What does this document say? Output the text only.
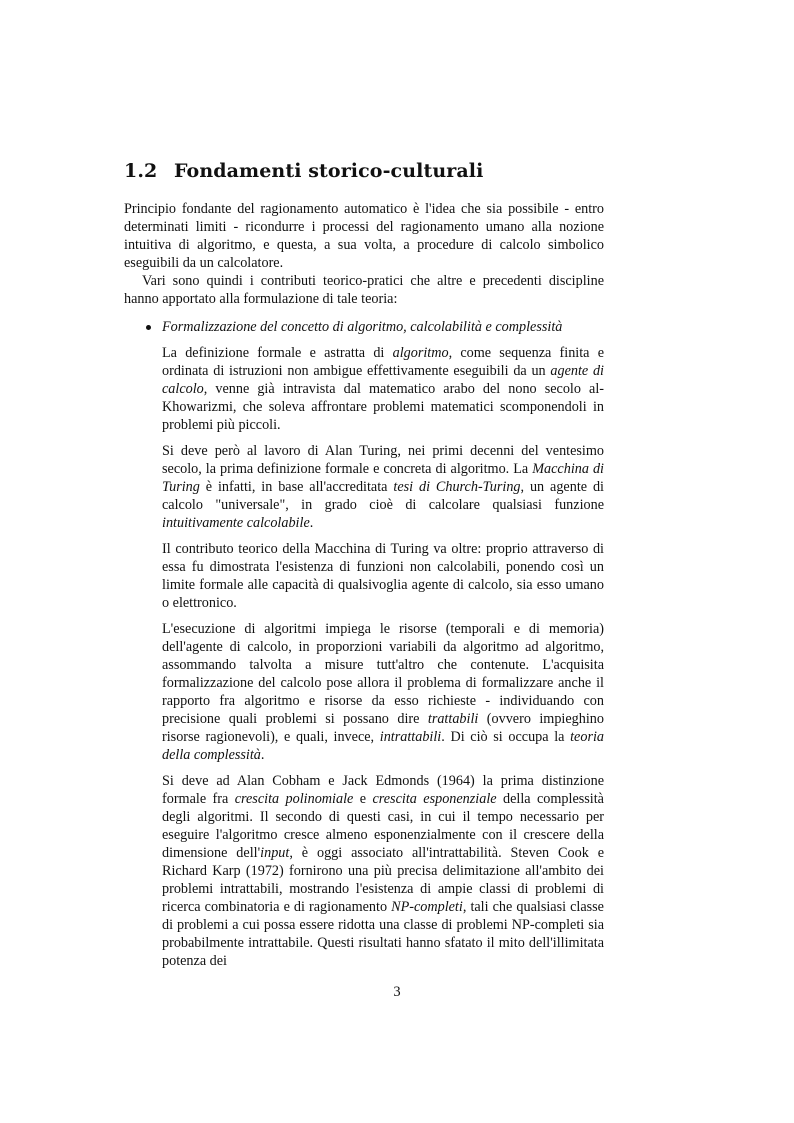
1.2 Fondamenti storico-culturali

Principio fondante del ragionamento automatico è l'idea che sia possibile - entro determinati limiti - ricondurre i processi del ragionamento umano alla nozione intuitiva di algoritmo, e questa, a sua volta, a procedure di calcolo simbolico eseguibili da un calcolatore.

Vari sono quindi i contributi teorico-pratici che altre e precedenti discipline hanno apportato alla formulazione di tale teoria:

Formalizzazione del concetto di algoritmo, calcolabilità e complessità

La definizione formale e astratta di algoritmo, come sequenza finita e ordinata di istruzioni non ambigue effettivamente eseguibili da un agente di calcolo, venne già intravista dal matematico arabo del nono secolo al-Khowarizmi, che soleva affrontare problemi matematici scomponendoli in problemi più piccoli.

Si deve però al lavoro di Alan Turing, nei primi decenni del ventesimo secolo, la prima definizione formale e concreta di algoritmo. La Macchina di Turing è infatti, in base all'accreditata tesi di Church-Turing, un agente di calcolo "universale", in grado cioè di calcolare qualsiasi funzione intuitivamente calcolabile.

Il contributo teorico della Macchina di Turing va oltre: proprio attraverso di essa fu dimostrata l'esistenza di funzioni non calcolabili, ponendo così un limite formale alle capacità di qualsivoglia agente di calcolo, sia esso umano o elettronico.

L'esecuzione di algoritmi impiega le risorse (temporali e di memoria) dell'agente di calcolo, in proporzioni variabili da algoritmo ad algoritmo, assommando talvolta a misure tutt'altro che contenute. L'acquisita formalizzazione del calcolo pose allora il problema di formalizzare anche il rapporto fra algoritmo e risorse da esso richieste - individuando con precisione quali problemi si possano dire trattabili (ovvero impieghino risorse ragionevoli), e quali, invece, intrattabili. Di ciò si occupa la teoria della complessità.

Si deve ad Alan Cobham e Jack Edmonds (1964) la prima distinzione formale fra crescita polinomiale e crescita esponenziale della complessità degli algoritmi. Il secondo di questi casi, in cui il tempo necessario per eseguire l'algoritmo cresce almeno esponenzialmente con il crescere della dimensione dell'input, è oggi associato all'intrattabilità. Steven Cook e Richard Karp (1972) fornirono una più precisa delimitazione all'ambito dei problemi intrattabili, mostrando l'esistenza di ampie classi di problemi di ricerca combinatoria e di ragionamento NP-completi, tali che qualsiasi classe di problemi a cui possa essere ridotta una classe di problemi NP-completi sia probabilmente intrattabile. Questi risultati hanno sfatato il mito dell'illimitata potenza dei

3
